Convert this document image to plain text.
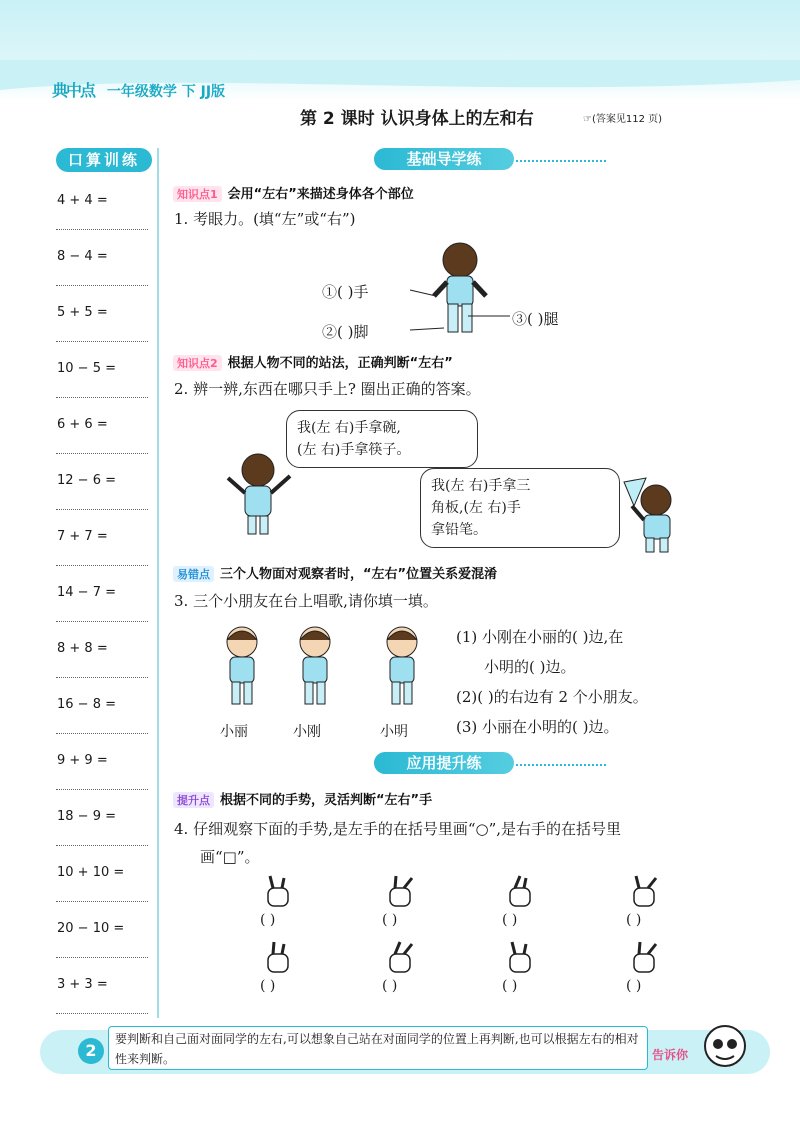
典中点 一年级数学 下 JJ版
第 2 课时 认识身体上的左和右	☞(答案见112 页)
口算训练
4 + 4 =
8 − 4 =
5 + 5 =
10 − 5 =
6 + 6 =
12 − 6 =
7 + 7 =
14 − 7 =
8 + 8 =
16 − 8 =
9 + 9 =
18 − 9 =
10 + 10 =
20 − 10 =
3 + 3 =
基础导学练
知识点1 会用“左右”来描述身体各个部位
1. 考眼力。(填“左”或“右”)
①( )手
②( )脚
③( )腿
知识点2 根据人物不同的站法，正确判断“左右”
2. 辨一辨,东西在哪只手上? 圈出正确的答案。
我(左 右)手拿碗,
(左 右)手拿筷子。
我(左 右)手拿三
角板,(左 右)手
拿铅笔。
易错点 三个人物面对观察者时，“左右”位置关系爱混淆
3. 三个小朋友在台上唱歌,请你填一填。
小丽	小刚	小明
(1) 小刚在小丽的( )边,在
小明的( )边。
(2)( )的右边有 2 个小朋友。
(3) 小丽在小明的( )边。
应用提升练
提升点 根据不同的手势，灵活判断“左右”手
4. 仔细观察下面的手势,是左手的在括号里画“○”,是右手的在括号里
画“□”。
( )	( )	( )	( )
( )	( )	( )	( )
2
要判断和自己面对面同学的左右,可以想象自己站在对面同学的位置上再判断,也可以根据左右的相对性来判断。	告诉你
